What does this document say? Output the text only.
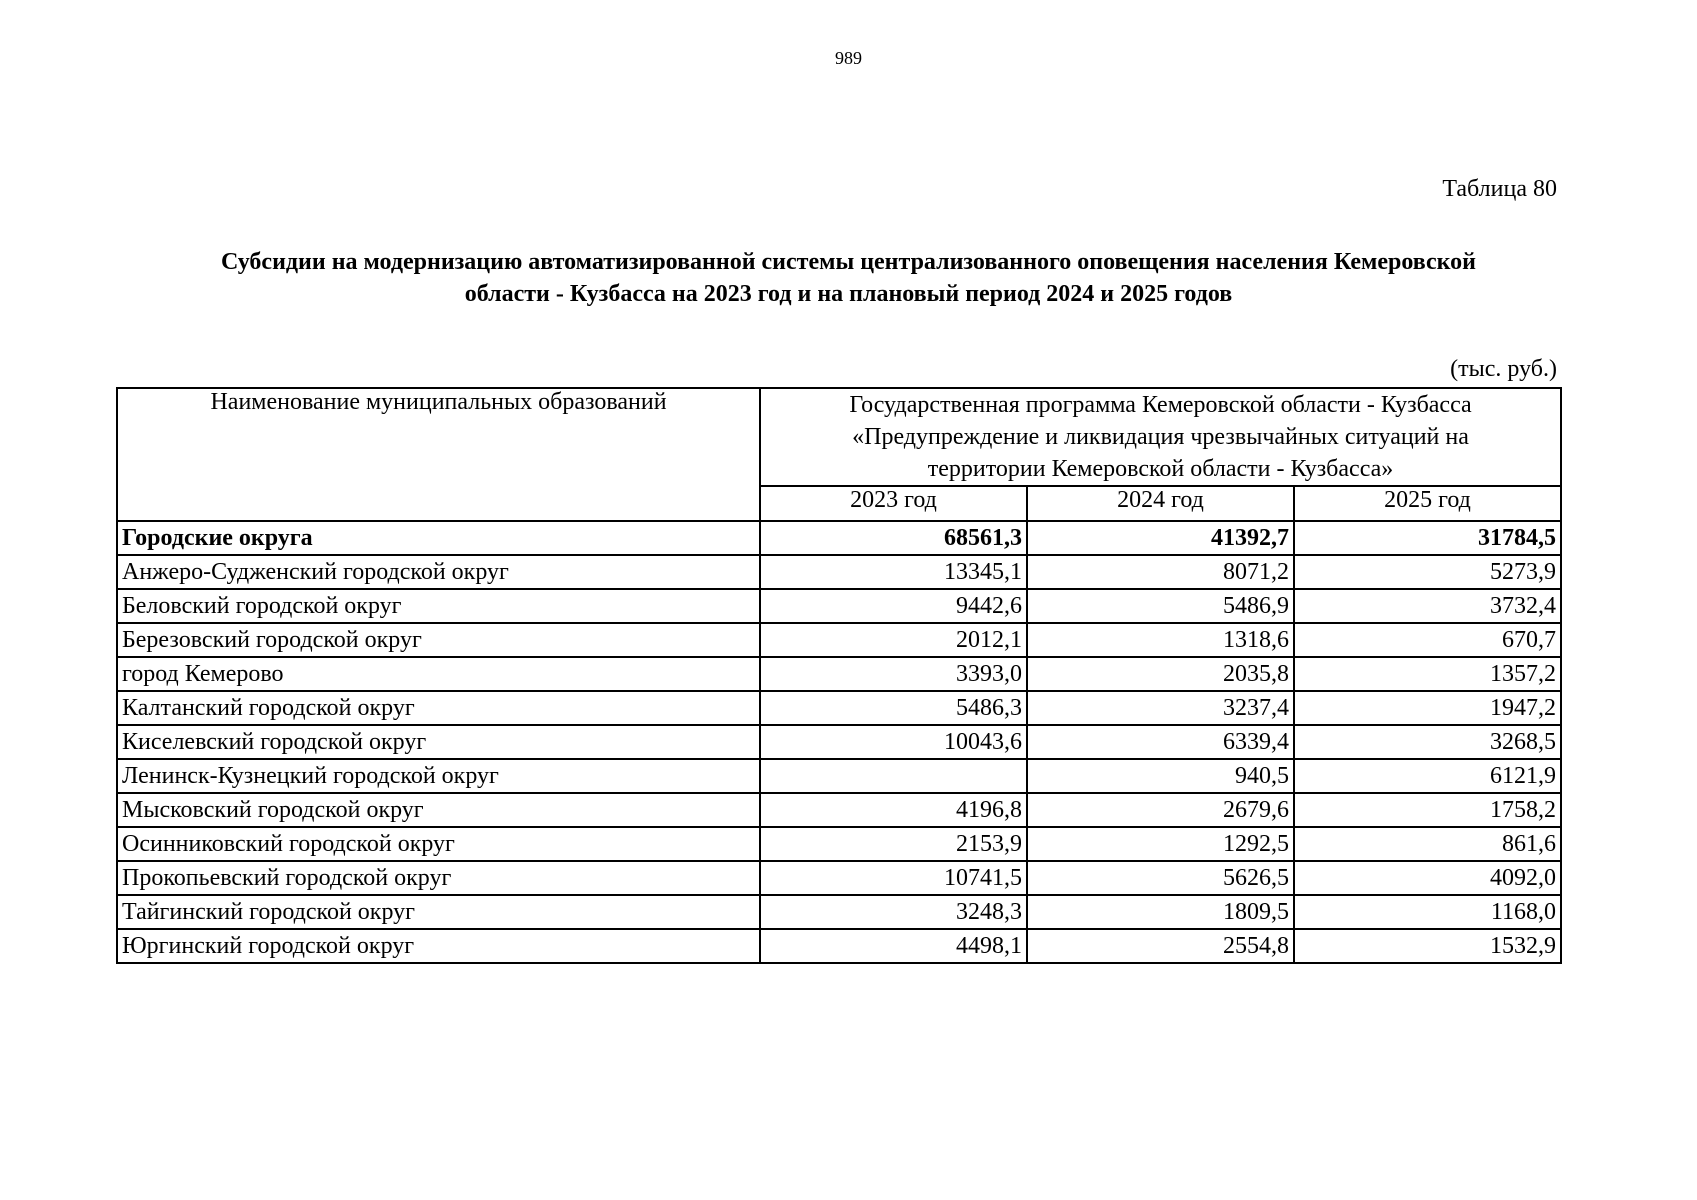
989
Таблица 80
Субсидии на модернизацию автоматизированной системы централизованного оповещения населения Кемеровской
области - Кузбасса на 2023 год и на плановый период 2024 и 2025 годов
(тыс. руб.)
Наименование муниципальных образований	Государственная программа Кемеровской области - Кузбасса
«Предупреждение и ликвидация чрезвычайных ситуаций на
территории Кемеровской области - Кузбасса»		

	2023 год	2024 год	2025 год
Городские округа	68561,3	41392,7	31784,5
Анжеро-Судженский городской округ	13345,1	8071,2	5273,9
Беловский городской округ	9442,6	5486,9	3732,4
Березовский городской округ	2012,1	1318,6	670,7
город Кемерово	3393,0	2035,8	1357,2
Калтанский городской округ	5486,3	3237,4	1947,2
Киселевский городской округ	10043,6	6339,4	3268,5
Ленинск-Кузнецкий городской округ		940,5	6121,9
Мысковский городской округ	4196,8	2679,6	1758,2
Осинниковский городской округ	2153,9	1292,5	861,6
Прокопьевский городской округ	10741,5	5626,5	4092,0
Тайгинский городской округ	3248,3	1809,5	1168,0
Юргинский городской округ	4498,1	2554,8	1532,9
